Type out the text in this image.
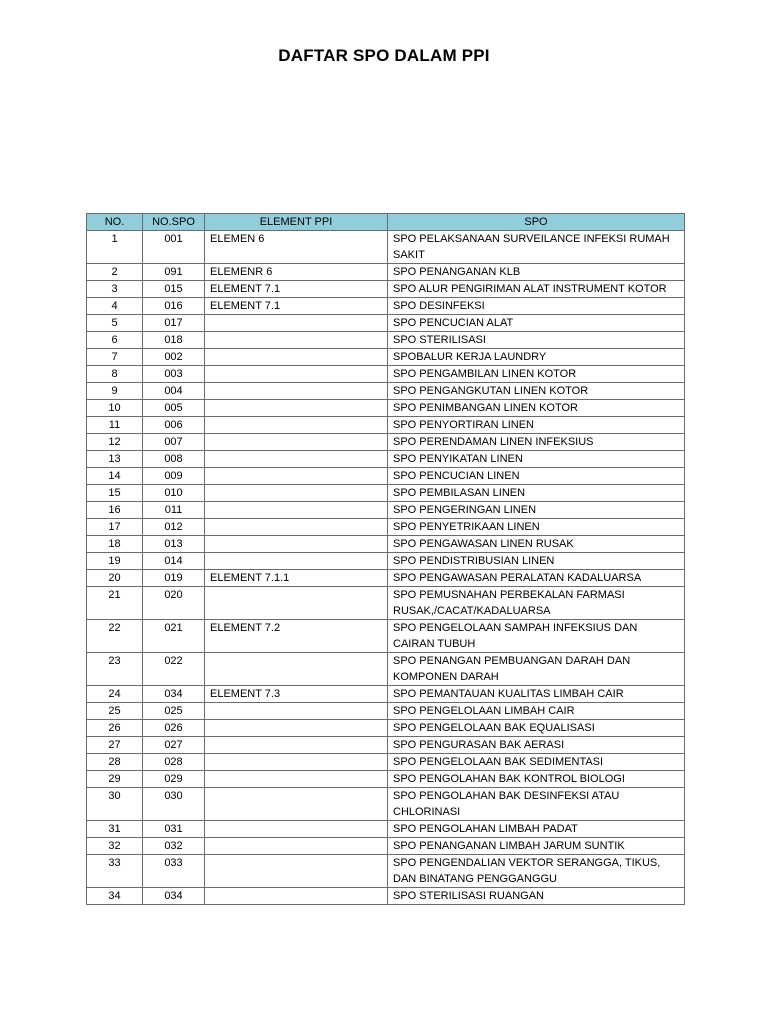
DAFTAR SPO DALAM PPI
NO.	NO.SPO	ELEMENT PPI	SPO
1	001	ELEMEN 6	SPO PELAKSANAAN SURVEILANCE INFEKSI RUMAH SAKIT
2	091	ELEMENR 6	SPO PENANGANAN KLB
3	015	ELEMENT 7.1	SPO ALUR PENGIRIMAN ALAT INSTRUMENT KOTOR
4	016	ELEMENT 7.1	SPO DESINFEKSI
5	017		SPO PENCUCIAN ALAT
6	018		SPO STERILISASI
7	002		SPOBALUR KERJA LAUNDRY
8	003		SPO PENGAMBILAN LINEN KOTOR
9	004		SPO PENGANGKUTAN LINEN KOTOR
10	005		SPO PENIMBANGAN LINEN KOTOR
11	006		SPO PENYORTIRAN LINEN
12	007		SPO PERENDAMAN LINEN INFEKSIUS
13	008		SPO PENYIKATAN LINEN
14	009		SPO PENCUCIAN LINEN
15	010		SPO PEMBILASAN LINEN
16	011		SPO PENGERINGAN LINEN
17	012		SPO PENYETRIKAAN LINEN
18	013		SPO PENGAWASAN LINEN RUSAK
19	014		SPO PENDISTRIBUSIAN LINEN
20	019	ELEMENT 7.1.1	SPO PENGAWASAN PERALATAN KADALUARSA
21	020		SPO PEMUSNAHAN PERBEKALAN FARMASI RUSAK,/CACAT/KADALUARSA
22	021	ELEMENT 7.2	SPO PENGELOLAAN SAMPAH INFEKSIUS DAN CAIRAN TUBUH
23	022		SPO PENANGAN PEMBUANGAN DARAH DAN KOMPONEN DARAH
24	034	ELEMENT 7.3	SPO PEMANTAUAN KUALITAS LIMBAH CAIR
25	025		SPO PENGELOLAAN LIMBAH CAIR
26	026		SPO PENGELOLAAN BAK EQUALISASI
27	027		SPO PENGURASAN BAK AERASI
28	028		SPO PENGELOLAAN BAK SEDIMENTASI
29	029		SPO PENGOLAHAN BAK KONTROL BIOLOGI
30	030		SPO PENGOLAHAN BAK DESINFEKSI ATAU CHLORINASI
31	031		SPO PENGOLAHAN LIMBAH PADAT
32	032		SPO PENANGANAN LIMBAH JARUM SUNTIK
33	033		SPO PENGENDALIAN VEKTOR SERANGGA, TIKUS, DAN BINATANG PENGGANGGU
34	034		SPO STERILISASI RUANGAN
